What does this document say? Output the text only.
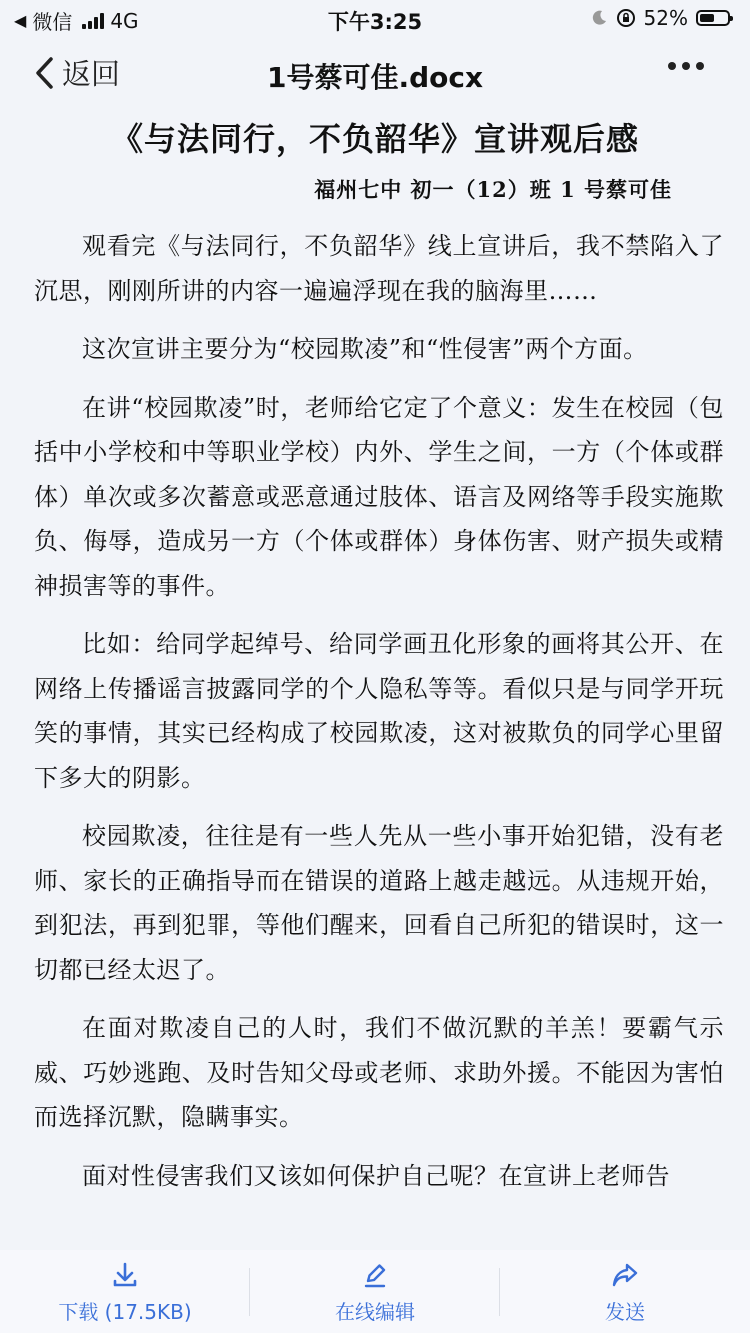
◀ 微信 4G	下午3:25	52%
返回	1号蔡可佳.docx
《与法同行，不负韶华》宣讲观后感
福州七中 初一（12）班 1 号蔡可佳

观看完《与法同行，不负韶华》线上宣讲后，我不禁陷入了沉思，刚刚所讲的内容一遍遍浮现在我的脑海里……

这次宣讲主要分为“校园欺凌”和“性侵害”两个方面。

在讲“校园欺凌”时，老师给它定了个意义：发生在校园（包括中小学校和中等职业学校）内外、学生之间，一方（个体或群体）单次或多次蓄意或恶意通过肢体、语言及网络等手段实施欺负、侮辱，造成另一方（个体或群体）身体伤害、财产损失或精神损害等的事件。

比如：给同学起绰号、给同学画丑化形象的画将其公开、在网络上传播谣言披露同学的个人隐私等等。看似只是与同学开玩笑的事情，其实已经构成了校园欺凌，这对被欺负的同学心里留下多大的阴影。

校园欺凌，往往是有一些人先从一些小事开始犯错，没有老师、家长的正确指导而在错误的道路上越走越远。从违规开始，到犯法，再到犯罪，等他们醒来，回看自己所犯的错误时，这一切都已经太迟了。

在面对欺凌自己的人时，我们不做沉默的羊羔！要霸气示威、巧妙逃跑、及时告知父母或老师、求助外援。不能因为害怕而选择沉默，隐瞒事实。

面对性侵害我们又该如何保护自己呢？在宣讲上老师告

下载 (17.5KB)	在线编辑	发送
